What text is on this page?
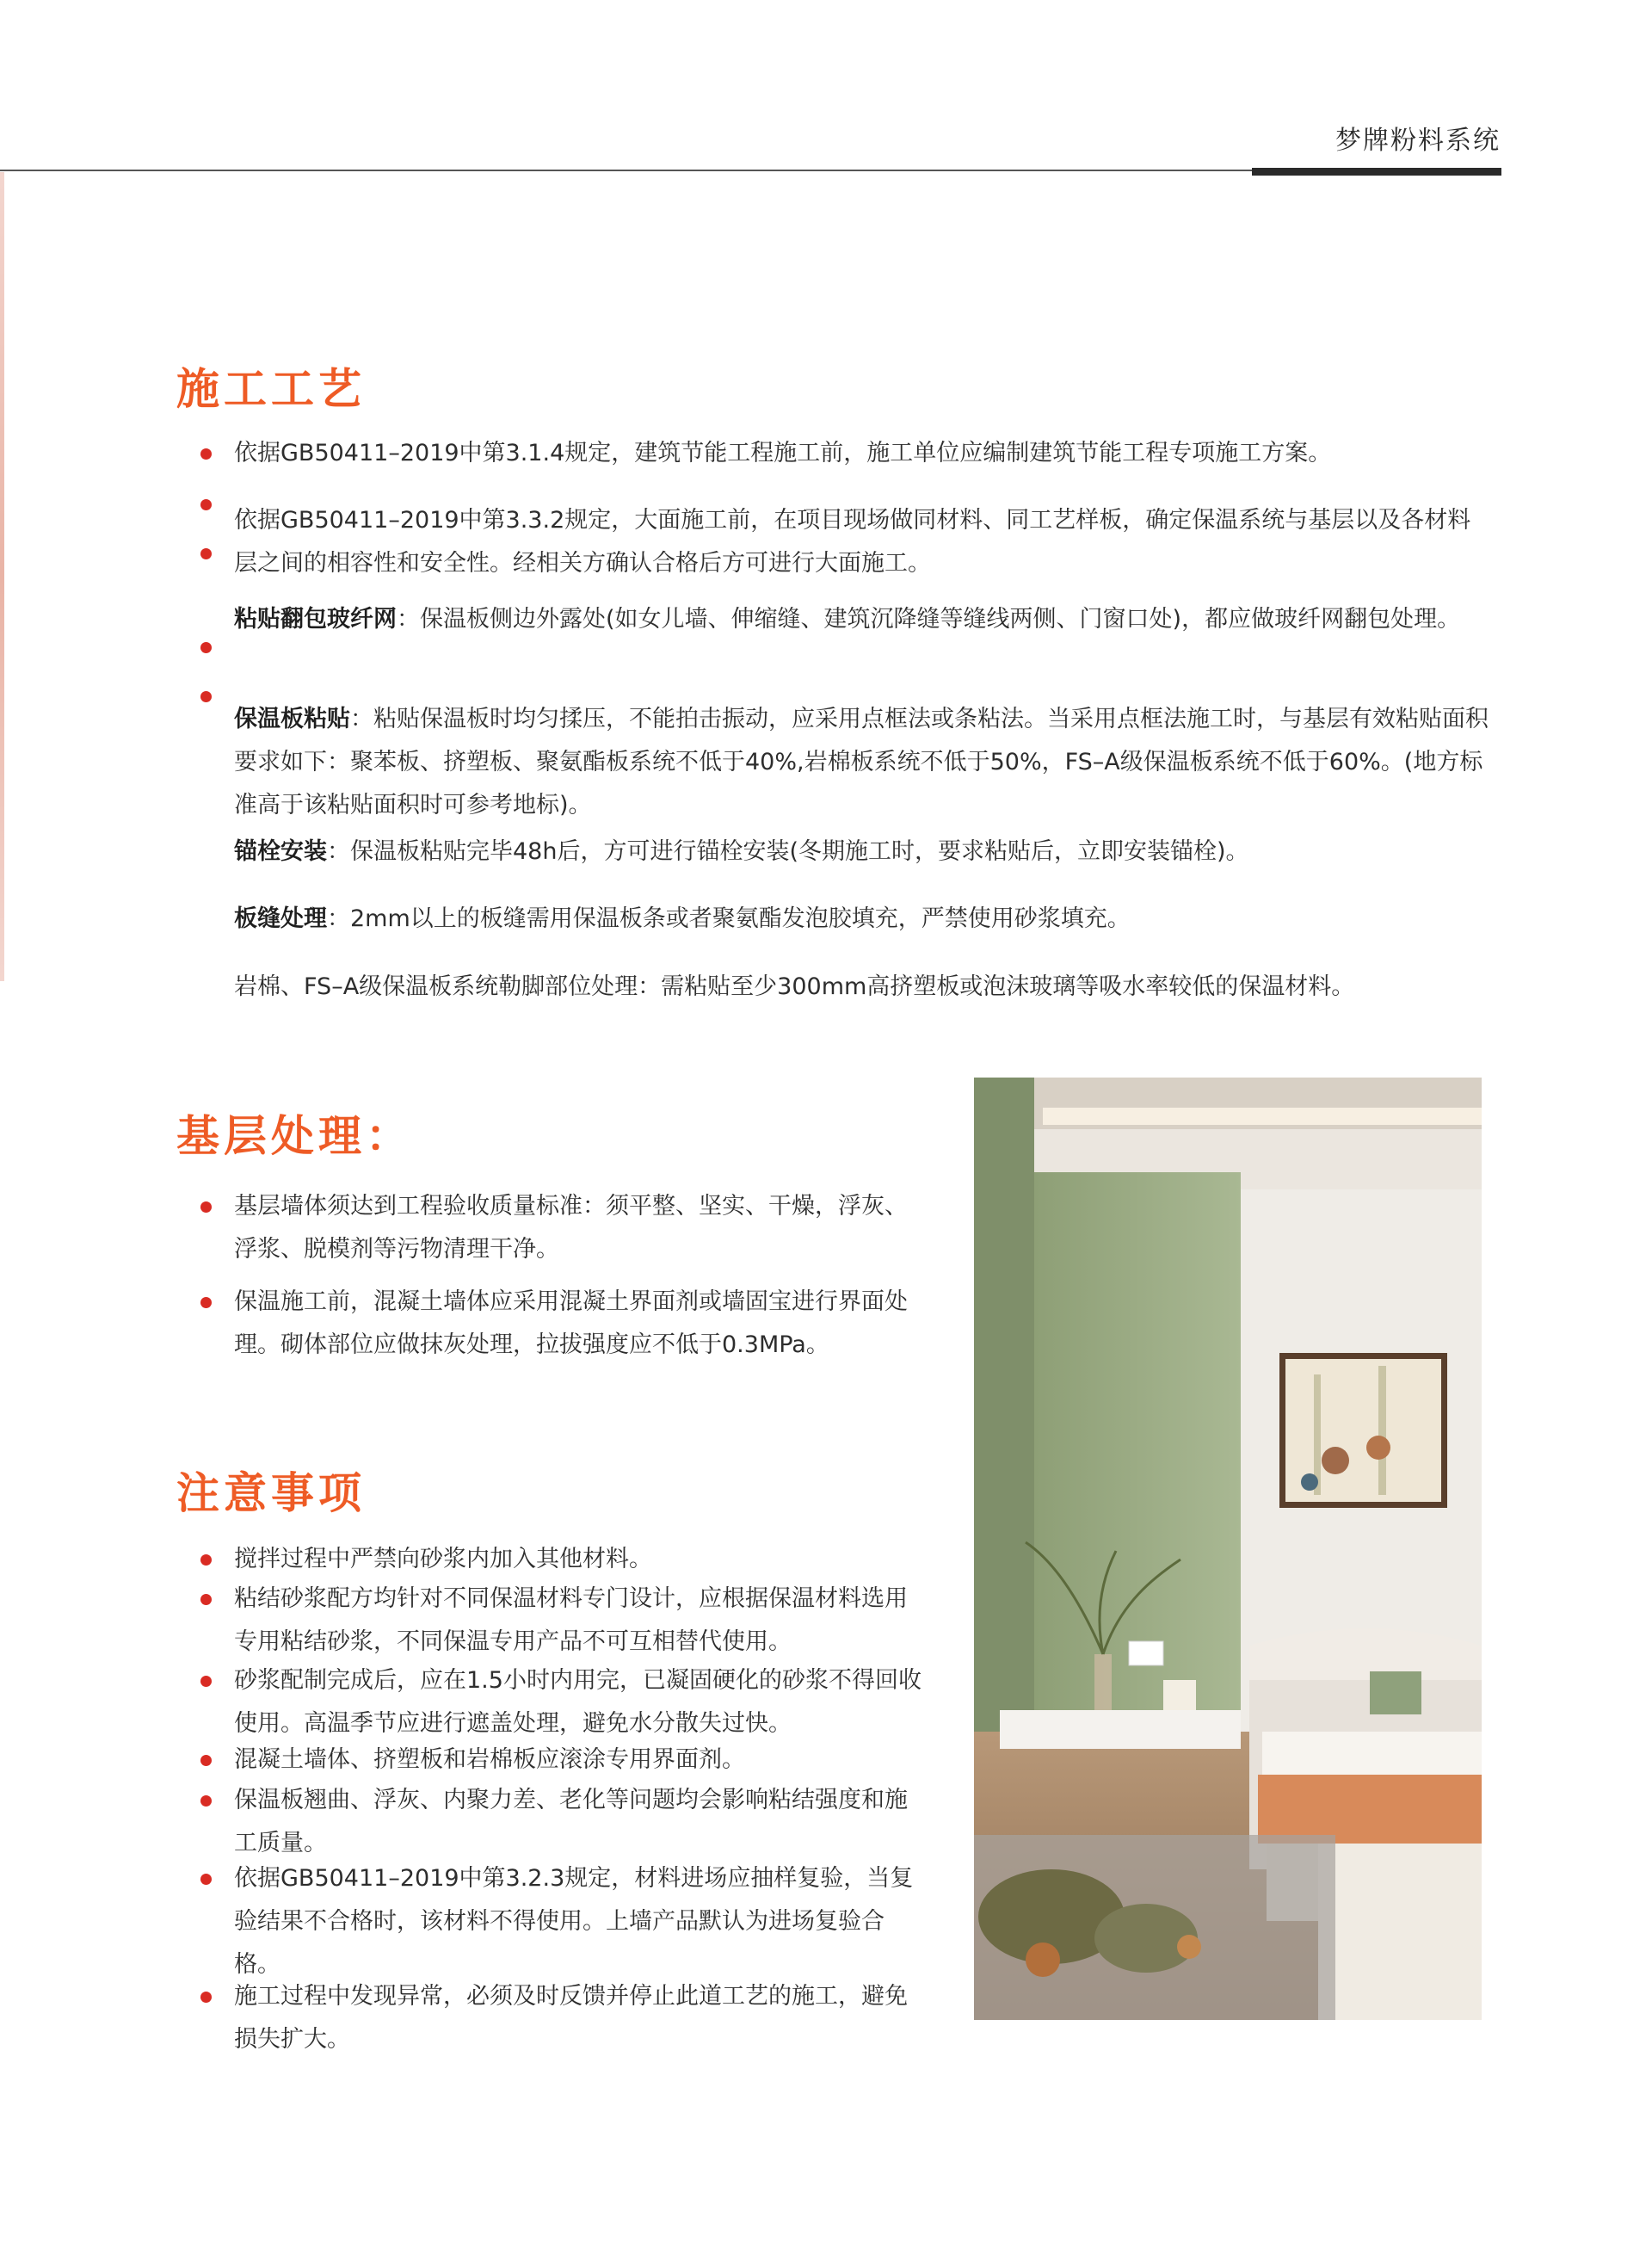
梦牌粉料系统
施工工艺
依据GB50411–2019中第3.1.4规定，建筑节能工程施工前，施工单位应编制建筑节能工程专项施工方案。
依据GB50411–2019中第3.3.2规定，大面施工前，在项目现场做同材料、同工艺样板，确定保温系统与基层以及各材料层之间的相容性和安全性。经相关方确认合格后方可进行大面施工。
粘贴翻包玻纤网：保温板侧边外露处(如女儿墙、伸缩缝、建筑沉降缝等缝线两侧、门窗口处)，都应做玻纤网翻包处理。
保温板粘贴：粘贴保温板时均匀揉压，不能拍击振动，应采用点框法或条粘法。当采用点框法施工时，与基层有效粘贴面积要求如下：聚苯板、挤塑板、聚氨酯板系统不低于40%,岩棉板系统不低于50%，FS–A级保温板系统不低于60%。(地方标准高于该粘贴面积时可参考地标)。
锚栓安装：保温板粘贴完毕48h后，方可进行锚栓安装(冬期施工时，要求粘贴后，立即安装锚栓)。
板缝处理：2mm以上的板缝需用保温板条或者聚氨酯发泡胶填充，严禁使用砂浆填充。
岩棉、FS–A级保温板系统勒脚部位处理：需粘贴至少300mm高挤塑板或泡沫玻璃等吸水率较低的保温材料。
基层处理：
基层墙体须达到工程验收质量标准：须平整、坚实、干燥，浮灰、浮浆、脱模剂等污物清理干净。
保温施工前，混凝土墙体应采用混凝土界面剂或墙固宝进行界面处理。砌体部位应做抹灰处理，拉拔强度应不低于0.3MPa。
注意事项
搅拌过程中严禁向砂浆内加入其他材料。
粘结砂浆配方均针对不同保温材料专门设计，应根据保温材料选用专用粘结砂浆，不同保温专用产品不可互相替代使用。
砂浆配制完成后，应在1.5小时内用完，已凝固硬化的砂浆不得回收使用。高温季节应进行遮盖处理，避免水分散失过快。
混凝土墙体、挤塑板和岩棉板应滚涂专用界面剂。
保温板翘曲、浮灰、内聚力差、老化等问题均会影响粘结强度和施工质量。
依据GB50411–2019中第3.2.3规定，材料进场应抽样复验，当复验结果不合格时，该材料不得使用。上墙产品默认为进场复验合格。
施工过程中发现异常，必须及时反馈并停止此道工艺的施工，避免损失扩大。
